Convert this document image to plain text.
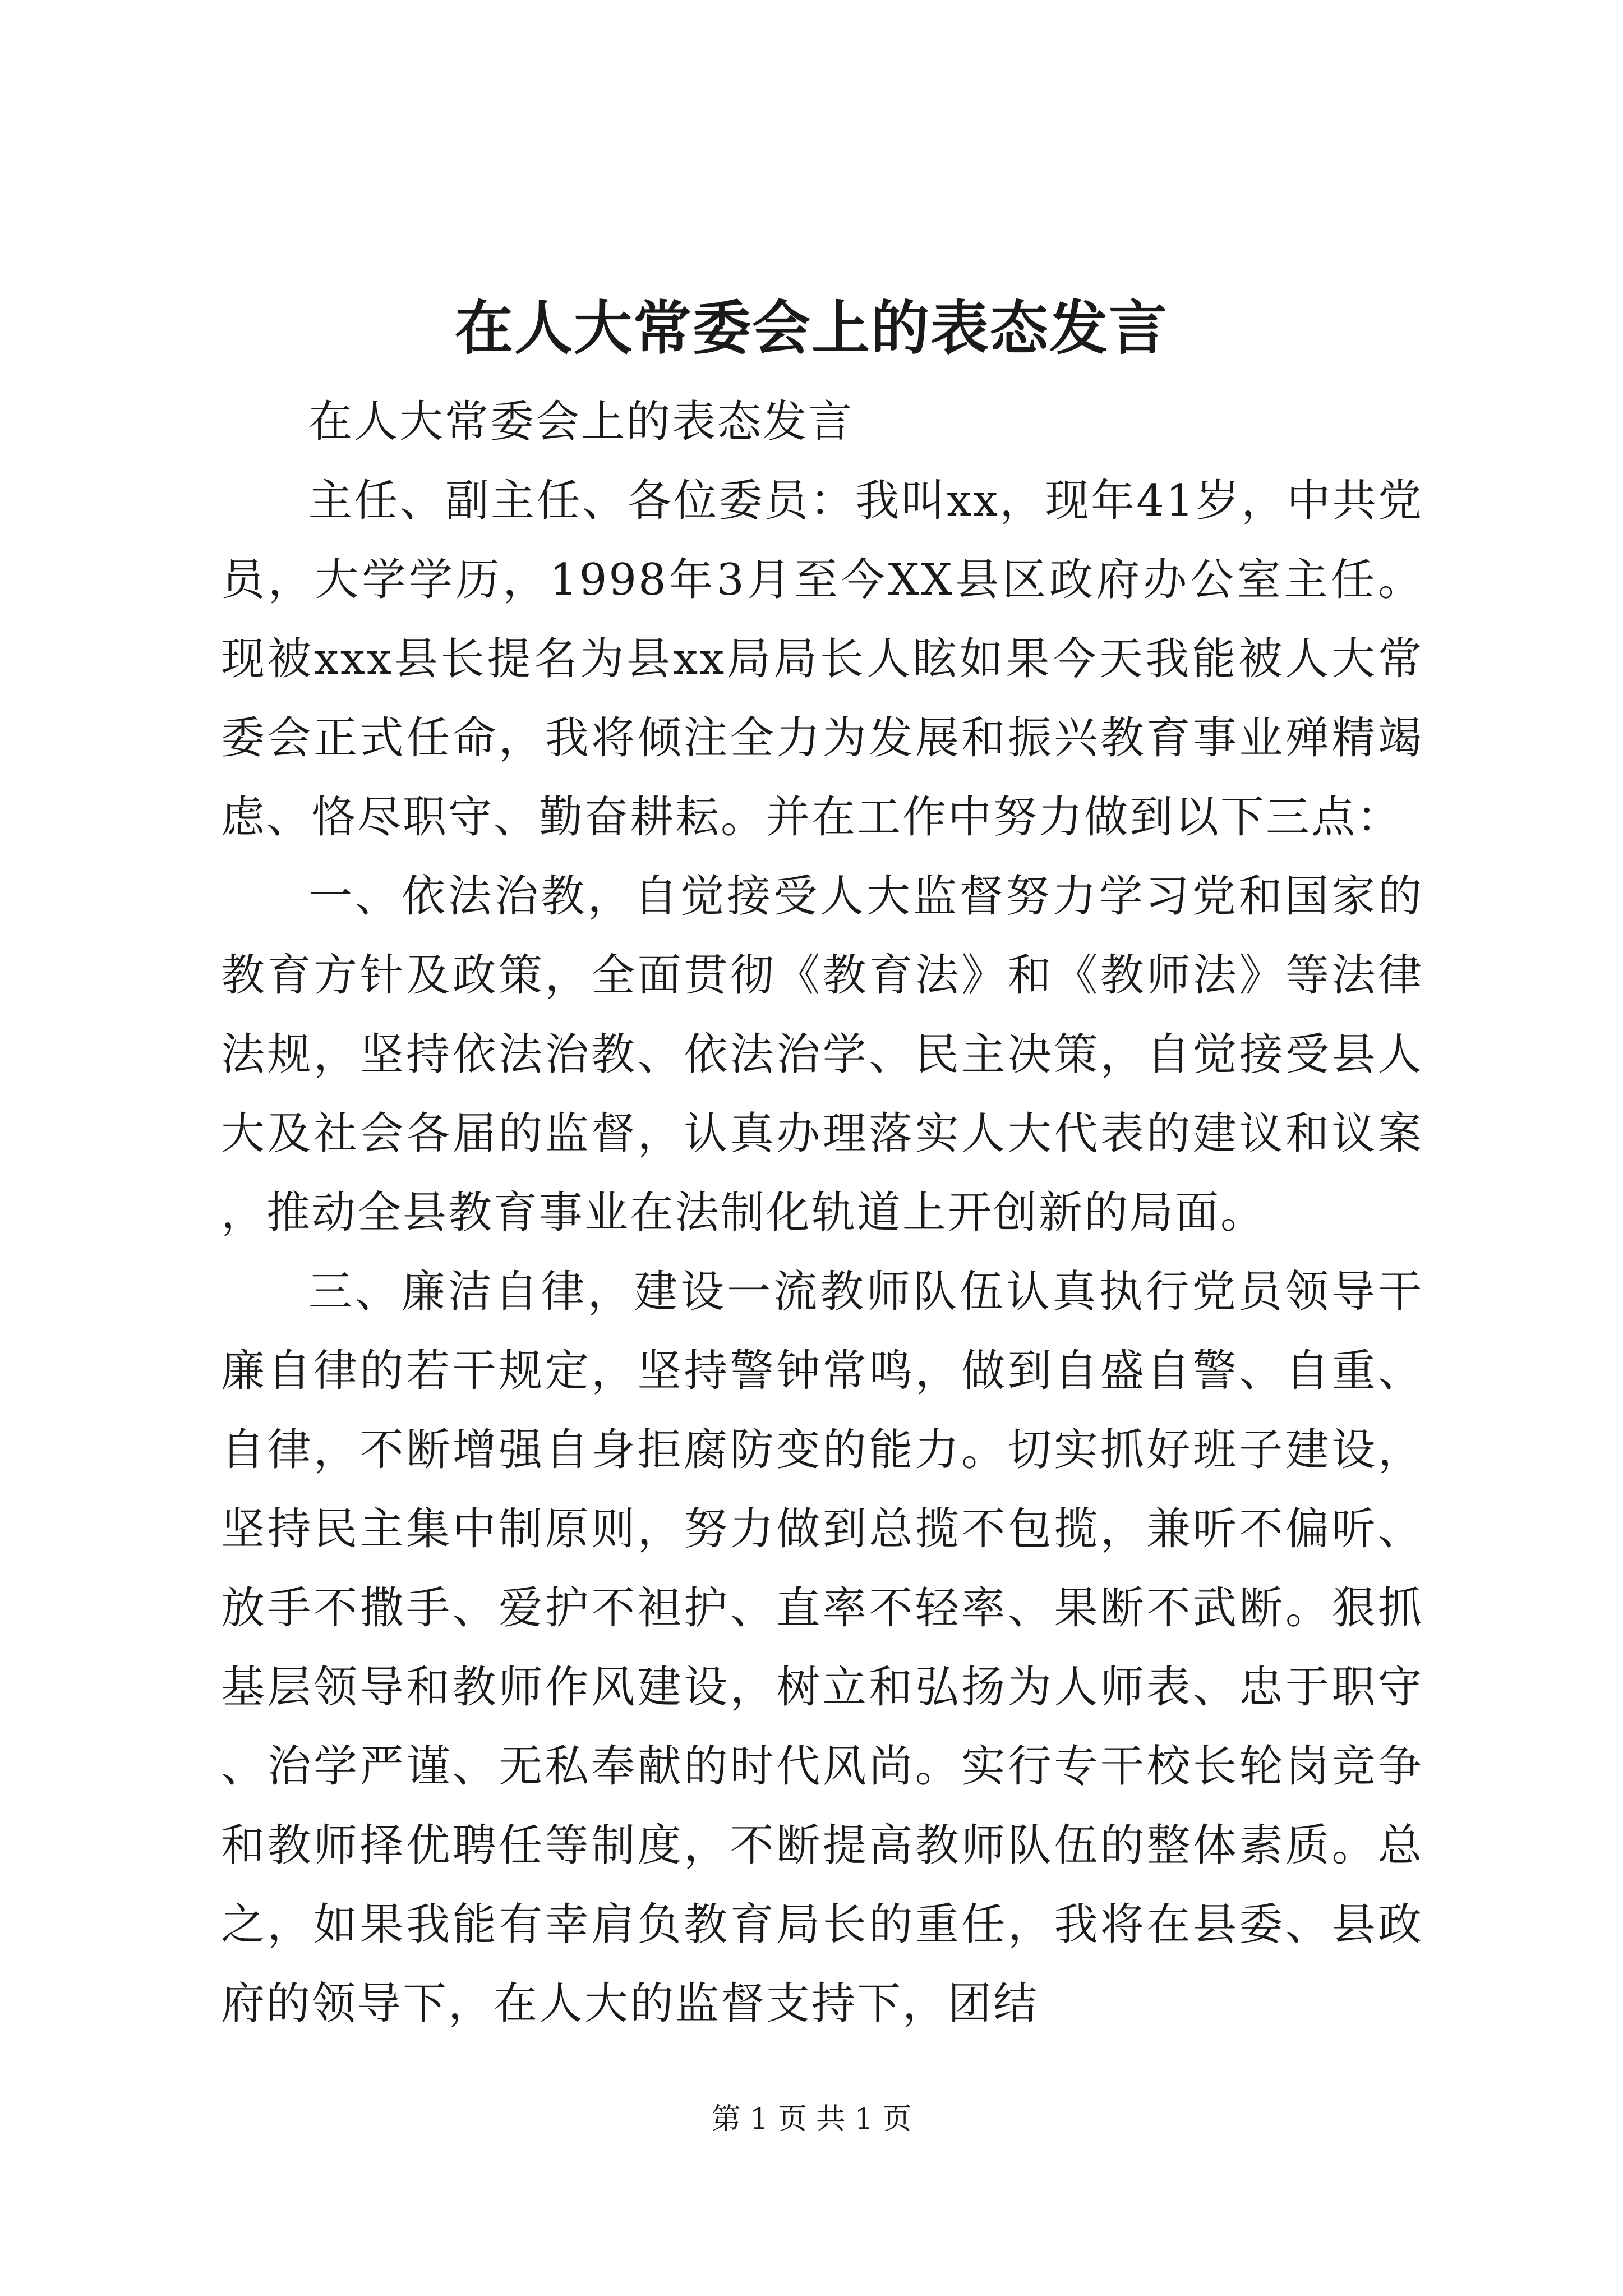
在人大常委会上的表态发言

在人大常委会上的表态发言

主任、副主任、各位委员：我叫xx，现年41岁，中共党员，大学学历，1998年3月至今XX县区政府办公室主任。现被xxx县长提名为县xx局局长人眩如果今天我能被人大常委会正式任命，我将倾注全力为发展和振兴教育事业殚精竭虑、恪尽职守、勤奋耕耘。并在工作中努力做到以下三点：

一、依法治教，自觉接受人大监督努力学习党和国家的教育方针及政策，全面贯彻《教育法》和《教师法》等法律法规，坚持依法治教、依法治学、民主决策，自觉接受县人大及社会各届的监督，认真办理落实人大代表的建议和议案，推动全县教育事业在法制化轨道上开创新的局面。

三、廉洁自律，建设一流教师队伍认真执行党员领导干廉自律的若干规定，坚持警钟常鸣，做到自盛自警、自重、自律，不断增强自身拒腐防变的能力。切实抓好班子建设，坚持民主集中制原则，努力做到总揽不包揽，兼听不偏听、放手不撒手、爱护不袒护、直率不轻率、果断不武断。狠抓基层领导和教师作风建设，树立和弘扬为人师表、忠于职守、治学严谨、无私奉献的时代风尚。实行专干校长轮岗竞争和教师择优聘任等制度，不断提高教师队伍的整体素质。总之，如果我能有幸肩负教育局长的重任，我将在县委、县政府的领导下，在人大的监督支持下，团结

第 1 页 共 1 页
